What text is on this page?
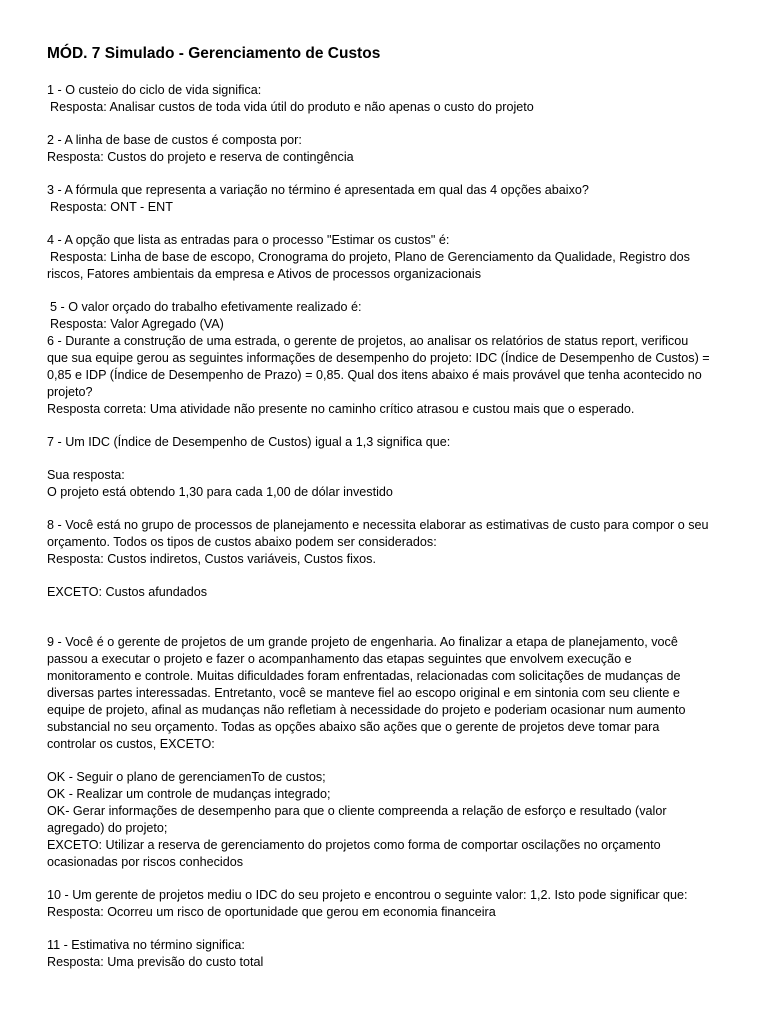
MÓD. 7 Simulado - Gerenciamento de Custos
1 - O custeio do ciclo de vida significa:
Resposta: Analisar custos de toda vida útil do produto e não apenas o custo do projeto
2 - A linha de base de custos é composta por:
Resposta: Custos do projeto e reserva de contingência
3 - A fórmula que representa a variação no término é apresentada em qual das 4 opções abaixo?
Resposta: ONT - ENT
4 - A opção que lista as entradas para o processo "Estimar os custos" é:
Resposta: Linha de base de escopo, Cronograma do projeto, Plano de Gerenciamento da Qualidade, Registro dos
riscos, Fatores ambientais da empresa e Ativos de processos organizacionais
5 - O valor orçado do trabalho efetivamente realizado é:
Resposta: Valor Agregado (VA)
6 - Durante a construção de uma estrada, o gerente de projetos, ao analisar os relatórios de status report, verificou
que sua equipe gerou as seguintes informações de desempenho do projeto: IDC (Índice de Desempenho de Custos) =
0,85 e IDP (Índice de Desempenho de Prazo) = 0,85. Qual dos itens abaixo é mais provável que tenha acontecido no
projeto?
Resposta correta: Uma atividade não presente no caminho crítico atrasou e custou mais que o esperado.
7 - Um IDC (Índice de Desempenho de Custos) igual a 1,3 significa que:
Sua resposta:
O projeto está obtendo 1,30 para cada 1,00 de dólar investido
8 - Você está no grupo de processos de planejamento e necessita elaborar as estimativas de custo para compor o seu
orçamento. Todos os tipos de custos abaixo podem ser considerados:
Resposta: Custos indiretos, Custos variáveis, Custos fixos.
EXCETO: Custos afundados
9 - Você é o gerente de projetos de um grande projeto de engenharia. Ao finalizar a etapa de planejamento, você
passou a executar o projeto e fazer o acompanhamento das etapas seguintes que envolvem execução e
monitoramento e controle. Muitas dificuldades foram enfrentadas, relacionadas com solicitações de mudanças de
diversas partes interessadas. Entretanto, você se manteve fiel ao escopo original e em sintonia com seu cliente e
equipe de projeto, afinal as mudanças não refletiam à necessidade do projeto e poderiam ocasionar num aumento
substancial no seu orçamento. Todas as opções abaixo são ações que o gerente de projetos deve tomar para
controlar os custos, EXCETO:
OK - Seguir o plano de gerenciamenTo de custos;
OK - Realizar um controle de mudanças integrado;
OK- Gerar informações de desempenho para que o cliente compreenda a relação de esforço e resultado (valor
agregado) do projeto;
EXCETO: Utilizar a reserva de gerenciamento do projetos como forma de comportar oscilações no orçamento
ocasionadas por riscos conhecidos
10 - Um gerente de projetos mediu o IDC do seu projeto e encontrou o seguinte valor: 1,2. Isto pode significar que:
Resposta: Ocorreu um risco de oportunidade que gerou em economia financeira
11 - Estimativa no término significa:
Resposta: Uma previsão do custo total
